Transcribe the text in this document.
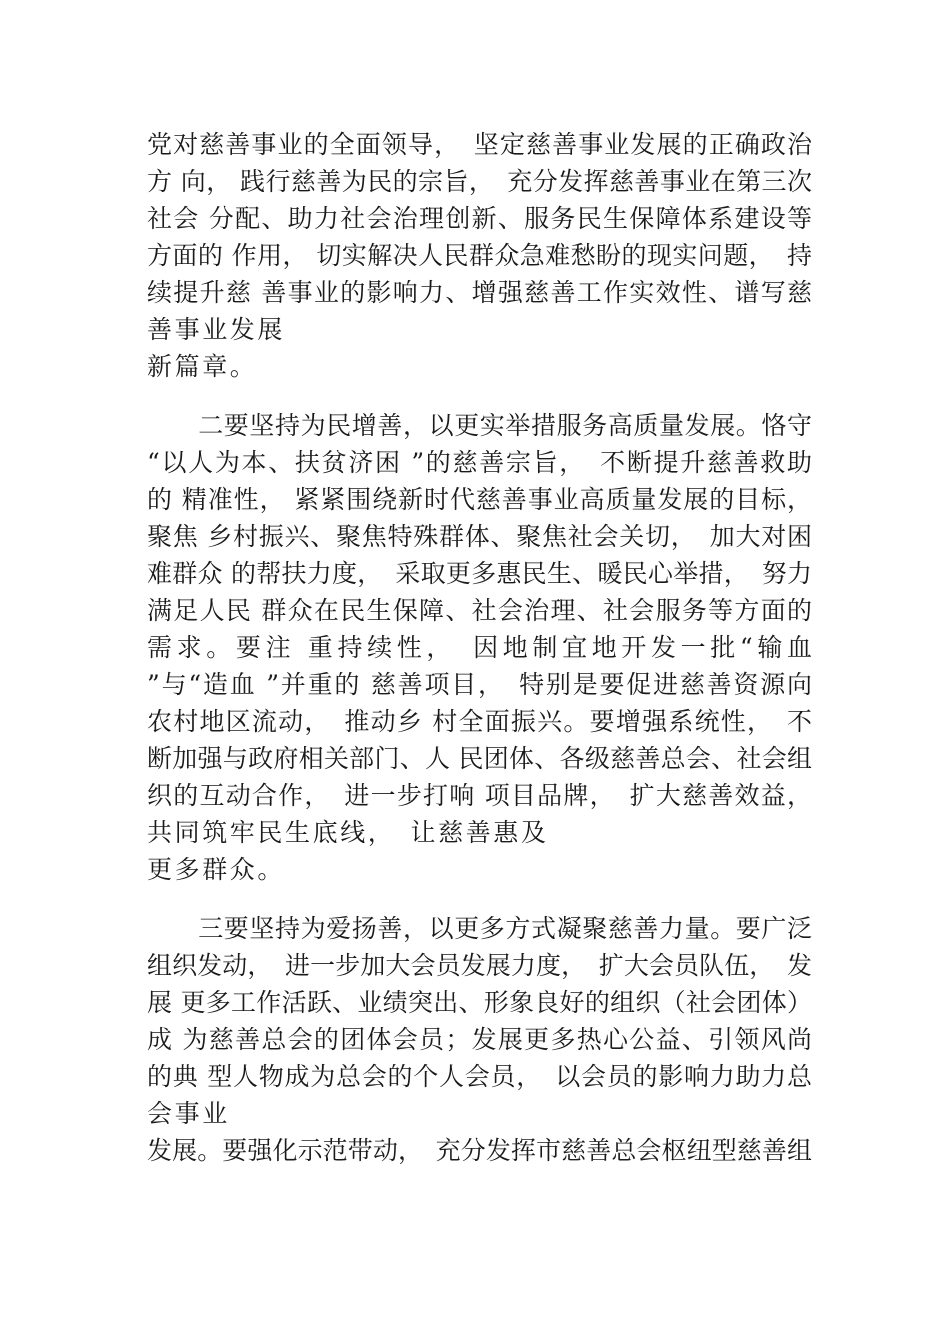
党对慈善事业的全面领导，　坚定慈善事业发展的正确政治
方 向， 践行慈善为民的宗旨，　充分发挥慈善事业在第三次
社会 分配、助力社会治理创新、服务民生保障体系建设等
方面的 作用， 切实解决人民群众急难愁盼的现实问题，　持
续提升慈 善事业的影响力、增强慈善工作实效性、谱写慈
善事业发展
新篇章。
　　二要坚持为民增善，以更实举措服务高质量发展。恪守
“以人为本、扶贫济困 ”的慈善宗旨，　不断提升慈善救助
的 精准性， 紧紧围绕新时代慈善事业高质量发展的目标，
聚焦 乡村振兴、聚焦特殊群体、聚焦社会关切，　加大对困
难群众 的帮扶力度，　采取更多惠民生、暖民心举措，　努力
满足人民 群众在民生保障、社会治理、社会服务等方面的
需求。要注 重持续性，　因地制宜地开发一批“输血
”与“造血 ”并重的 慈善项目，　特别是要促进慈善资源向
农村地区流动，　推动乡 村全面振兴。要增强系统性，　不
断加强与政府相关部门、人 民团体、各级慈善总会、社会组
织的互动合作，　进一步打响 项目品牌，　扩大慈善效益，
共同筑牢民生底线，　让慈善惠及
更多群众。
　　三要坚持为爱扬善，以更多方式凝聚慈善力量。要广泛
组织发动，　进一步加大会员发展力度，　扩大会员队伍，　发
展 更多工作活跃、业绩突出、形象良好的组织（社会团体）
成 为慈善总会的团体会员；发展更多热心公益、引领风尚
的典 型人物成为总会的个人会员，　以会员的影响力助力总
会事业
发展。要强化示范带动，　充分发挥市慈善总会枢纽型慈善组
